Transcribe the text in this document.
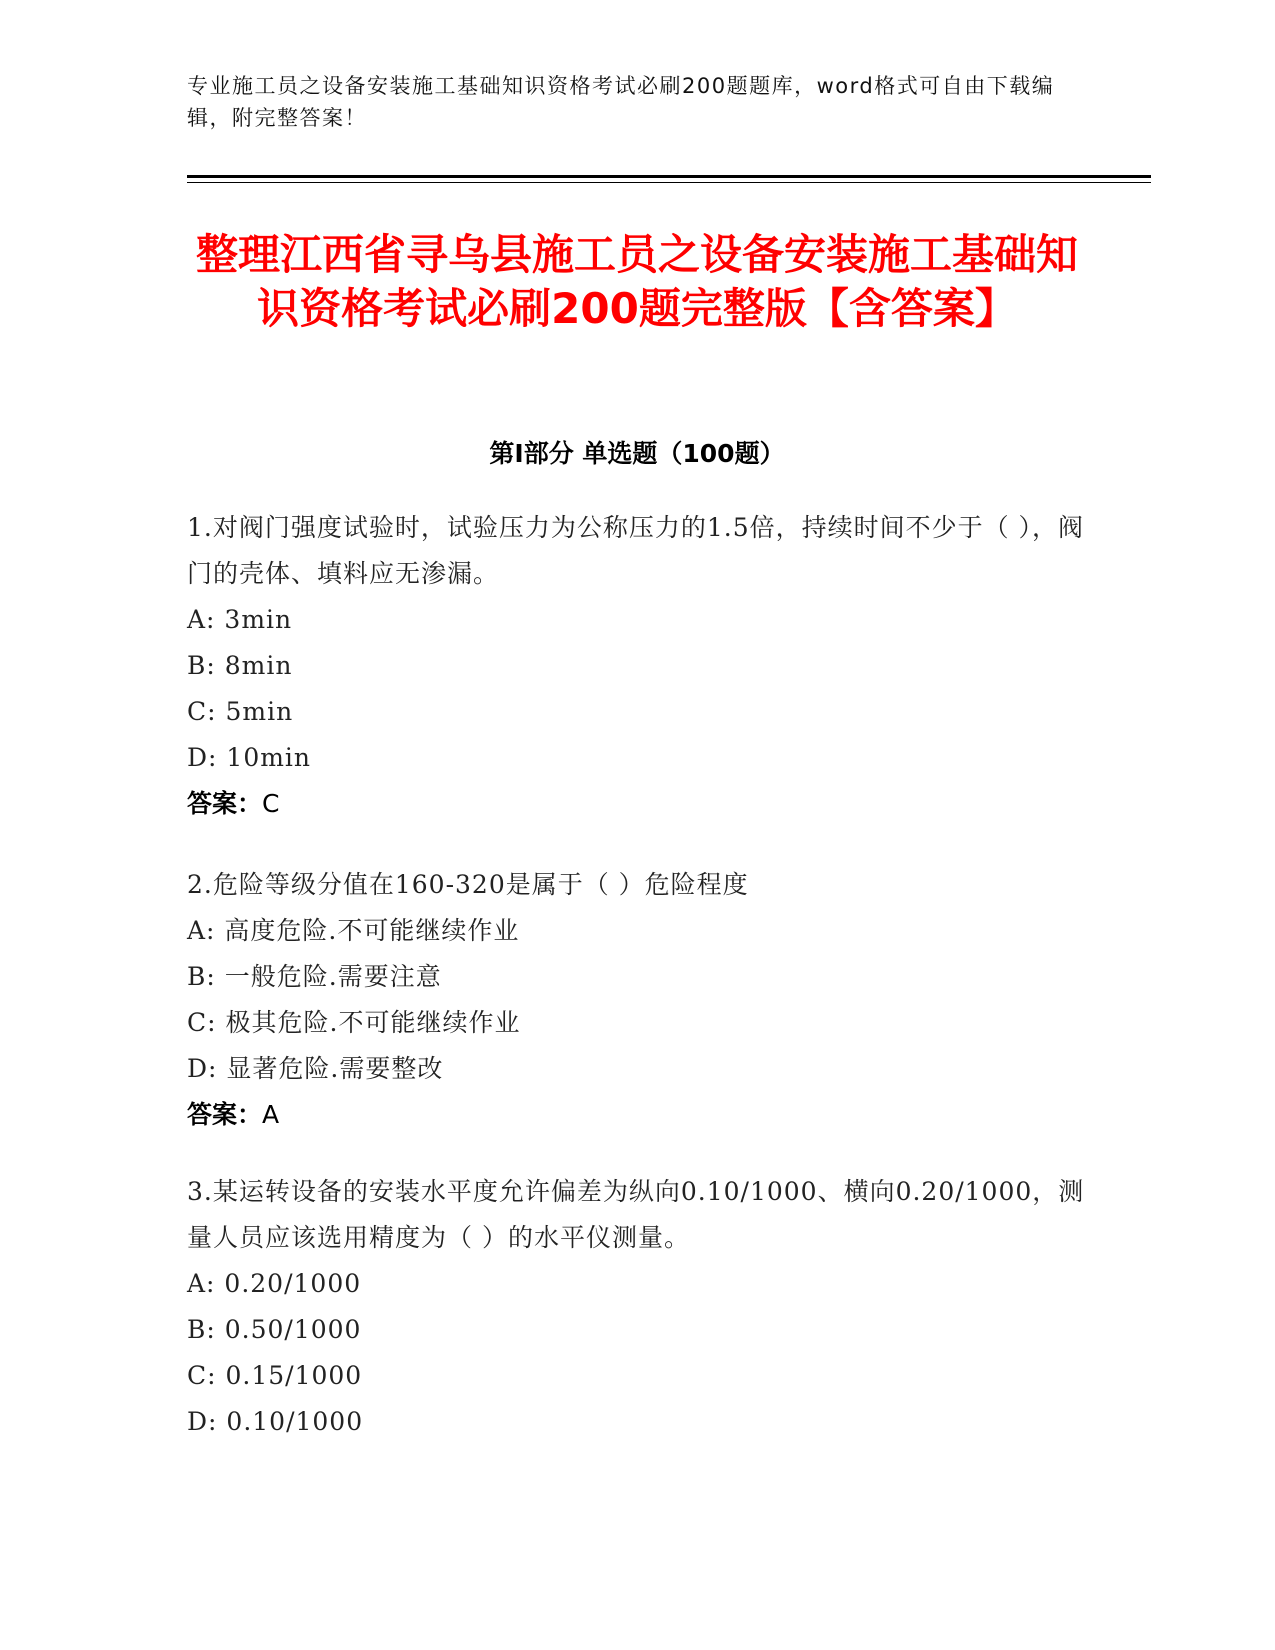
专业施工员之设备安装施工基础知识资格考试必刷200题题库，word格式可自由下载编辑，附完整答案！
整理江西省寻乌县施工员之设备安装施工基础知识资格考试必刷200题完整版【含答案】
第Ⅰ部分 单选题（100题）
1.对阀门强度试验时，试验压力为公称压力的1.5倍，持续时间不少于（ ），阀门的壳体、填料应无渗漏。
A: 3min
B: 8min
C: 5min
D: 10min
答案：C
2.危险等级分值在160-320是属于（ ）危险程度
A: 高度危险.不可能继续作业
B: 一般危险.需要注意
C: 极其危险.不可能继续作业
D: 显著危险.需要整改
答案：A
3.某运转设备的安装水平度允许偏差为纵向0.10/1000、横向0.20/1000，测量人员应该选用精度为（ ）的水平仪测量。
A: 0.20/1000
B: 0.50/1000
C: 0.15/1000
D: 0.10/1000
